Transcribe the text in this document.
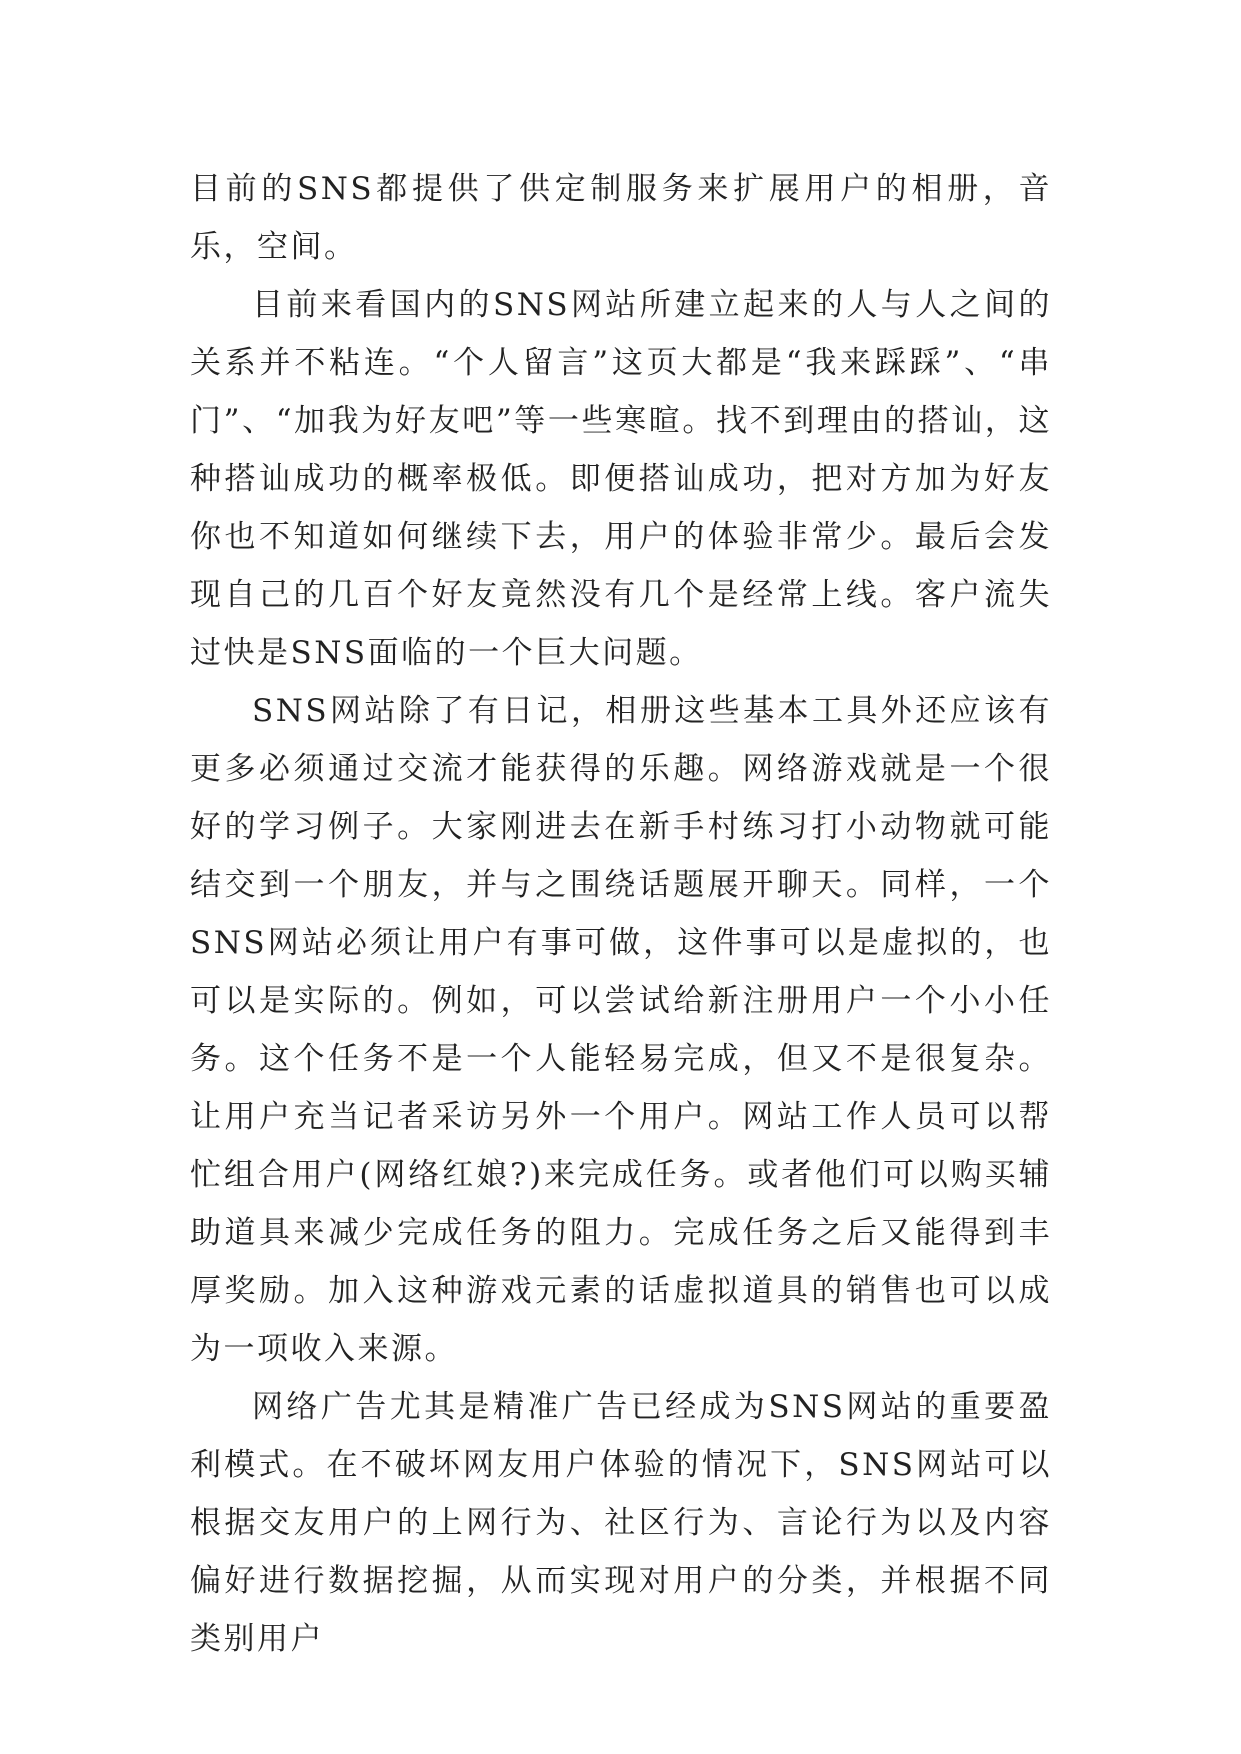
目前的SNS都提供了供定制服务来扩展用户的相册，音乐，空间。

目前来看国内的SNS网站所建立起来的人与人之间的关系并不粘连。“个人留言”这页大都是“我来踩踩”、“串门”、“加我为好友吧”等一些寒暄。找不到理由的搭讪，这种搭讪成功的概率极低。即便搭讪成功，把对方加为好友你也不知道如何继续下去，用户的体验非常少。最后会发现自己的几百个好友竟然没有几个是经常上线。客户流失过快是SNS面临的一个巨大问题。

SNS网站除了有日记，相册这些基本工具外还应该有更多必须通过交流才能获得的乐趣。网络游戏就是一个很好的学习例子。大家刚进去在新手村练习打小动物就可能结交到一个朋友，并与之围绕话题展开聊天。同样，一个SNS网站必须让用户有事可做，这件事可以是虚拟的，也可以是实际的。例如，可以尝试给新注册用户一个小小任务。这个任务不是一个人能轻易完成，但又不是很复杂。让用户充当记者采访另外一个用户。网站工作人员可以帮忙组合用户(网络红娘?)来完成任务。或者他们可以购买辅助道具来减少完成任务的阻力。完成任务之后又能得到丰厚奖励。加入这种游戏元素的话虚拟道具的销售也可以成为一项收入来源。

网络广告尤其是精准广告已经成为SNS网站的重要盈利模式。在不破坏网友用户体验的情况下，SNS网站可以根据交友用户的上网行为、社区行为、言论行为以及内容偏好进行数据挖掘，从而实现对用户的分类，并根据不同类别用户
